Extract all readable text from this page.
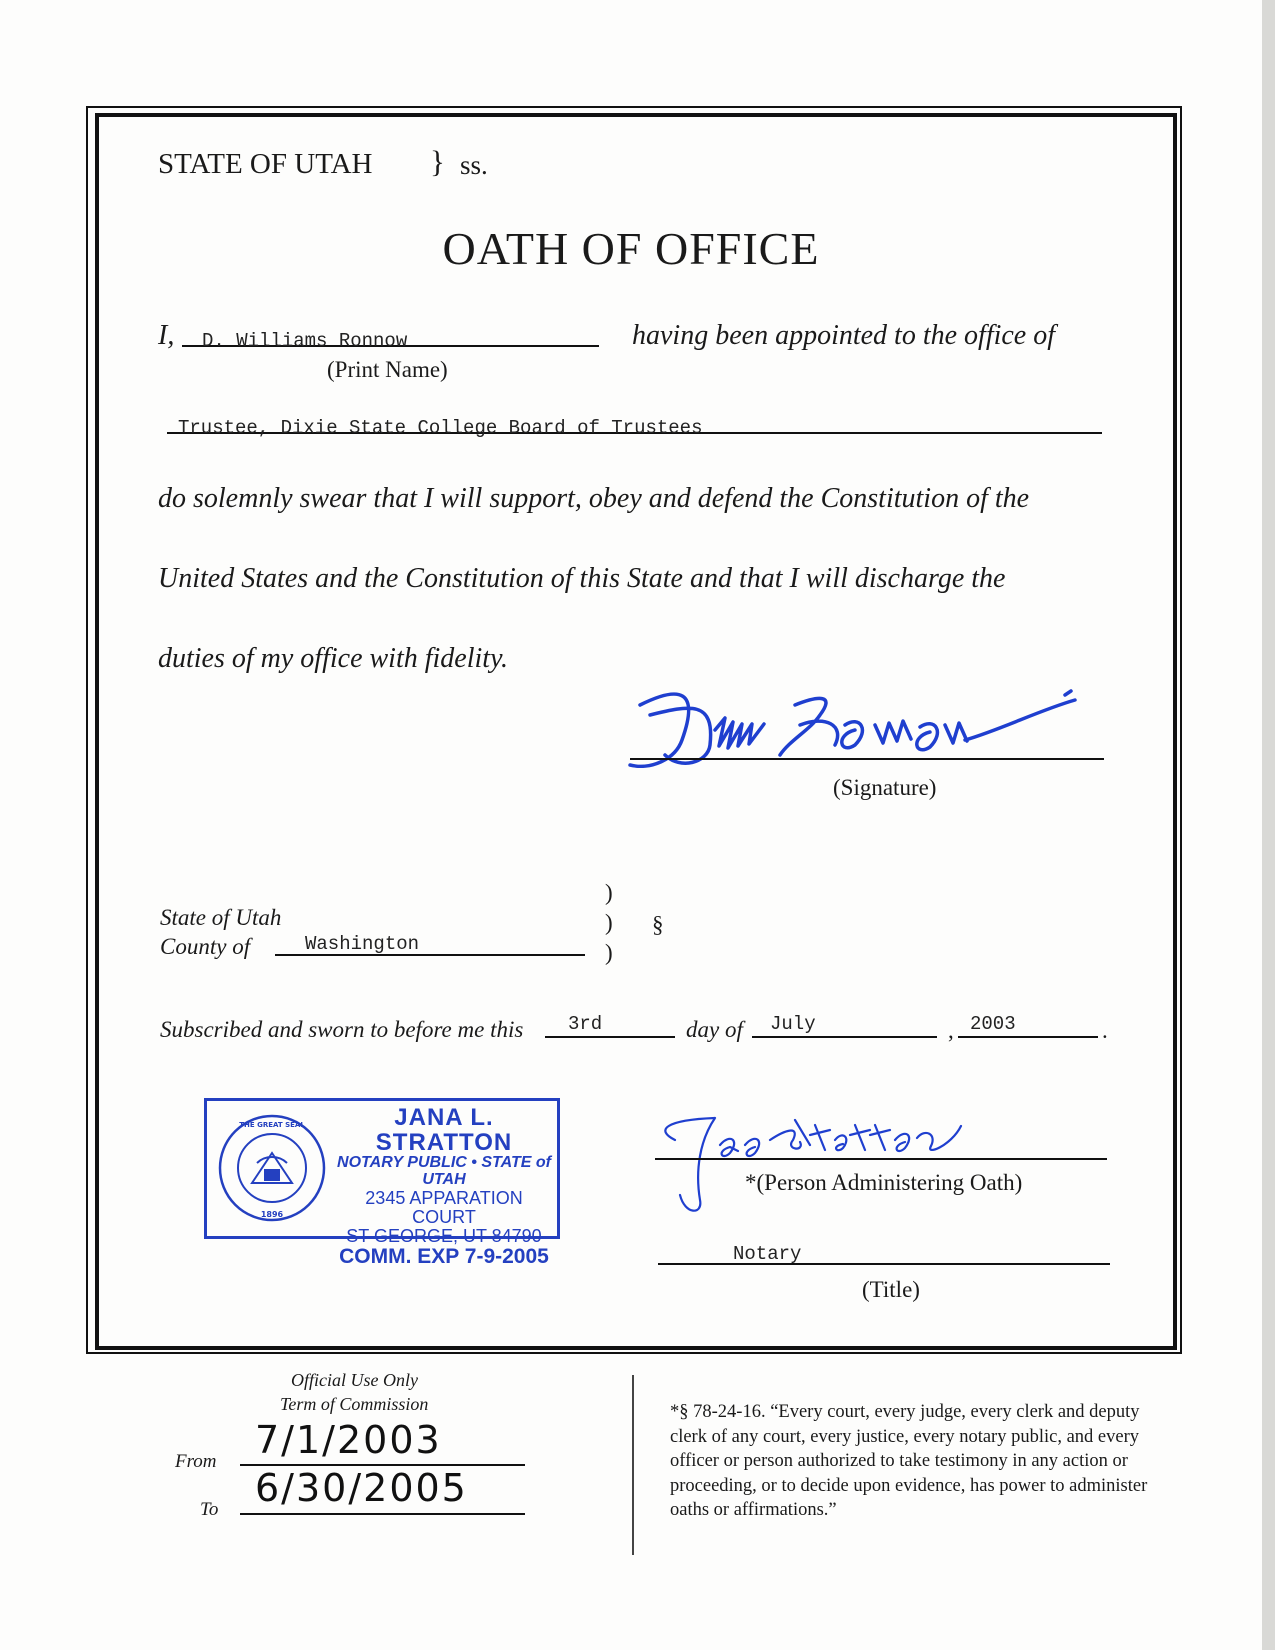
STATE OF UTAH } ss.
OATH OF OFFICE
I, D. Williams Ronnow
(Print Name)
having been appointed to the office of
Trustee, Dixie State College Board of Trustees
do solemnly swear that I will support, obey and defend the Constitution of the
United States and the Constitution of this State and that I will discharge the
duties of my office with fidelity.
(Signature)
State of Utah
County of	Washington
)
)
)
§
Subscribed and sworn to before me this 3rd	day of July	, 2003	.
THE GREAT SEAL
1896
JANA L. STRATTON
NOTARY PUBLIC • STATE of UTAH
2345 APPARATION COURT
ST GEORGE, UT 84790
COMM. EXP 7-9-2005
*(Person Administering Oath)
Notary
(Title)
Official Use Only
Term of Commission
From 7/1/2003
To 6/30/2005

*§ 78-24-16. “Every court, every judge, every clerk and deputy clerk of any court, every justice, every notary public, and every officer or person authorized to take testimony in any action or proceeding, or to decide upon evidence, has power to administer oaths or affirmations.”
